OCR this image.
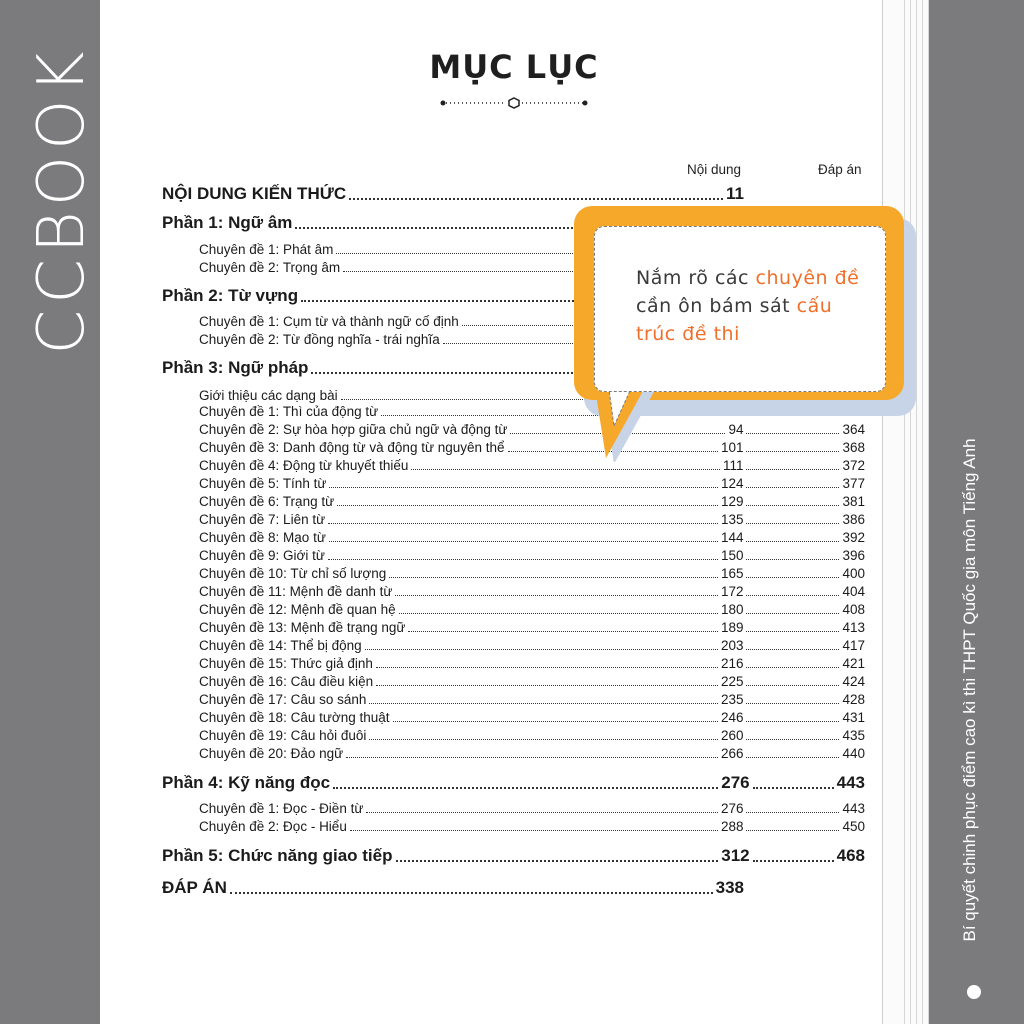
CCBOOK
Bí quyết chinh phục điểm cao kì thi THPT Quốc gia môn Tiếng Anh
MỤC LỤC
Nội dung	Đáp án
NỘI DUNG KIẾN THỨC	11
Phần 1: Ngữ âm
Chuyên đề 1: Phát âm
Chuyên đề 2: Trọng âm
Phần 2: Từ vựng
Chuyên đề 1: Cụm từ và thành ngữ cố định
Chuyên đề 2: Từ đồng nghĩa - trái nghĩa
Phần 3: Ngữ pháp
Giới thiệu các dạng bài
Chuyên đề 1: Thì của động từ
Chuyên đề 2: Sự hòa hợp giữa chủ ngữ và động từ	94	364
Chuyên đề 3: Danh động từ và động từ nguyên thể	101	368
Chuyên đề 4: Động từ khuyết thiếu	111	372
Chuyên đề 5: Tính từ	124	377
Chuyên đề 6: Trạng từ	129	381
Chuyên đề 7: Liên từ	135	386
Chuyên đề 8: Mạo từ	144	392
Chuyên đề 9: Giới từ	150	396
Chuyên đề 10: Từ chỉ số lượng	165	400
Chuyên đề 11: Mệnh đề danh từ	172	404
Chuyên đề 12: Mệnh đề quan hệ	180	408
Chuyên đề 13: Mệnh đề trạng ngữ	189	413
Chuyên đề 14: Thể bị động	203	417
Chuyên đề 15: Thức giả định	216	421
Chuyên đề 16: Câu điều kiện	225	424
Chuyên đề 17: Câu so sánh	235	428
Chuyên đề 18: Câu tường thuật	246	431
Chuyên đề 19: Câu hỏi đuôi	260	435
Chuyên đề 20: Đảo ngữ	266	440
Phần 4: Kỹ năng đọc	276	443
Chuyên đề 1: Đọc - Điền từ	276	443
Chuyên đề 2: Đọc - Hiểu	288	450
Phần 5: Chức năng giao tiếp	312	468
ĐÁP ÁN	338
Nắm rõ các chuyên đề cần ôn bám sát cấu trúc đề thi
